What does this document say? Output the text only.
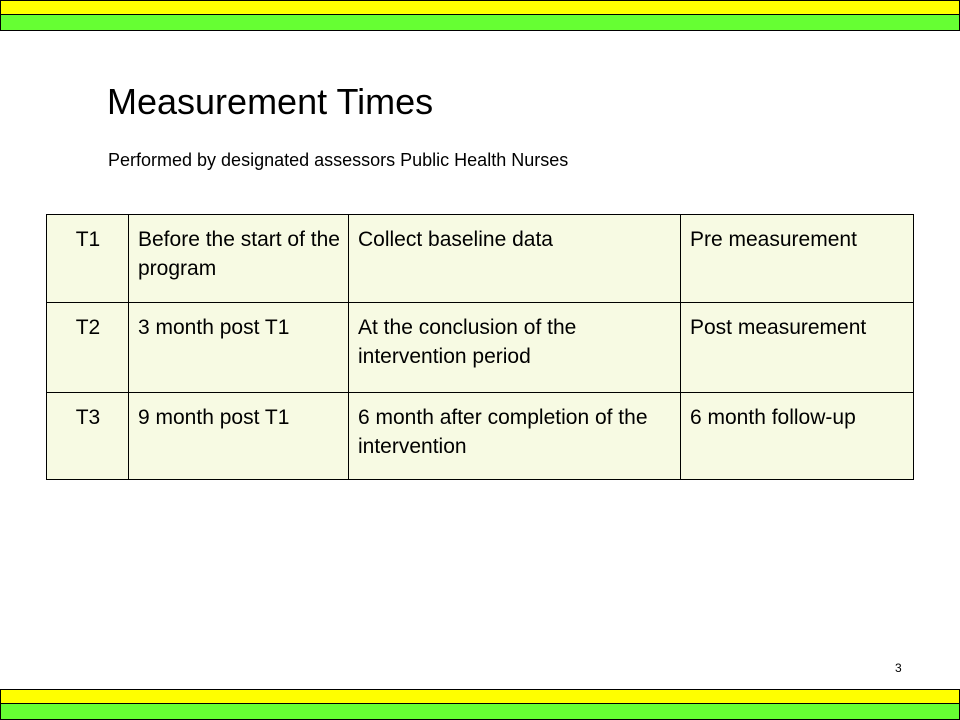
Measurement Times

Performed by designated assessors Public Health Nurses

T1	Before the start of the program	Collect baseline data	Pre measurement
T2	3 month post T1	At the conclusion of the intervention period	Post measurement
T3	9 month post T1	6 month after completion of the intervention	6 month follow-up
3
